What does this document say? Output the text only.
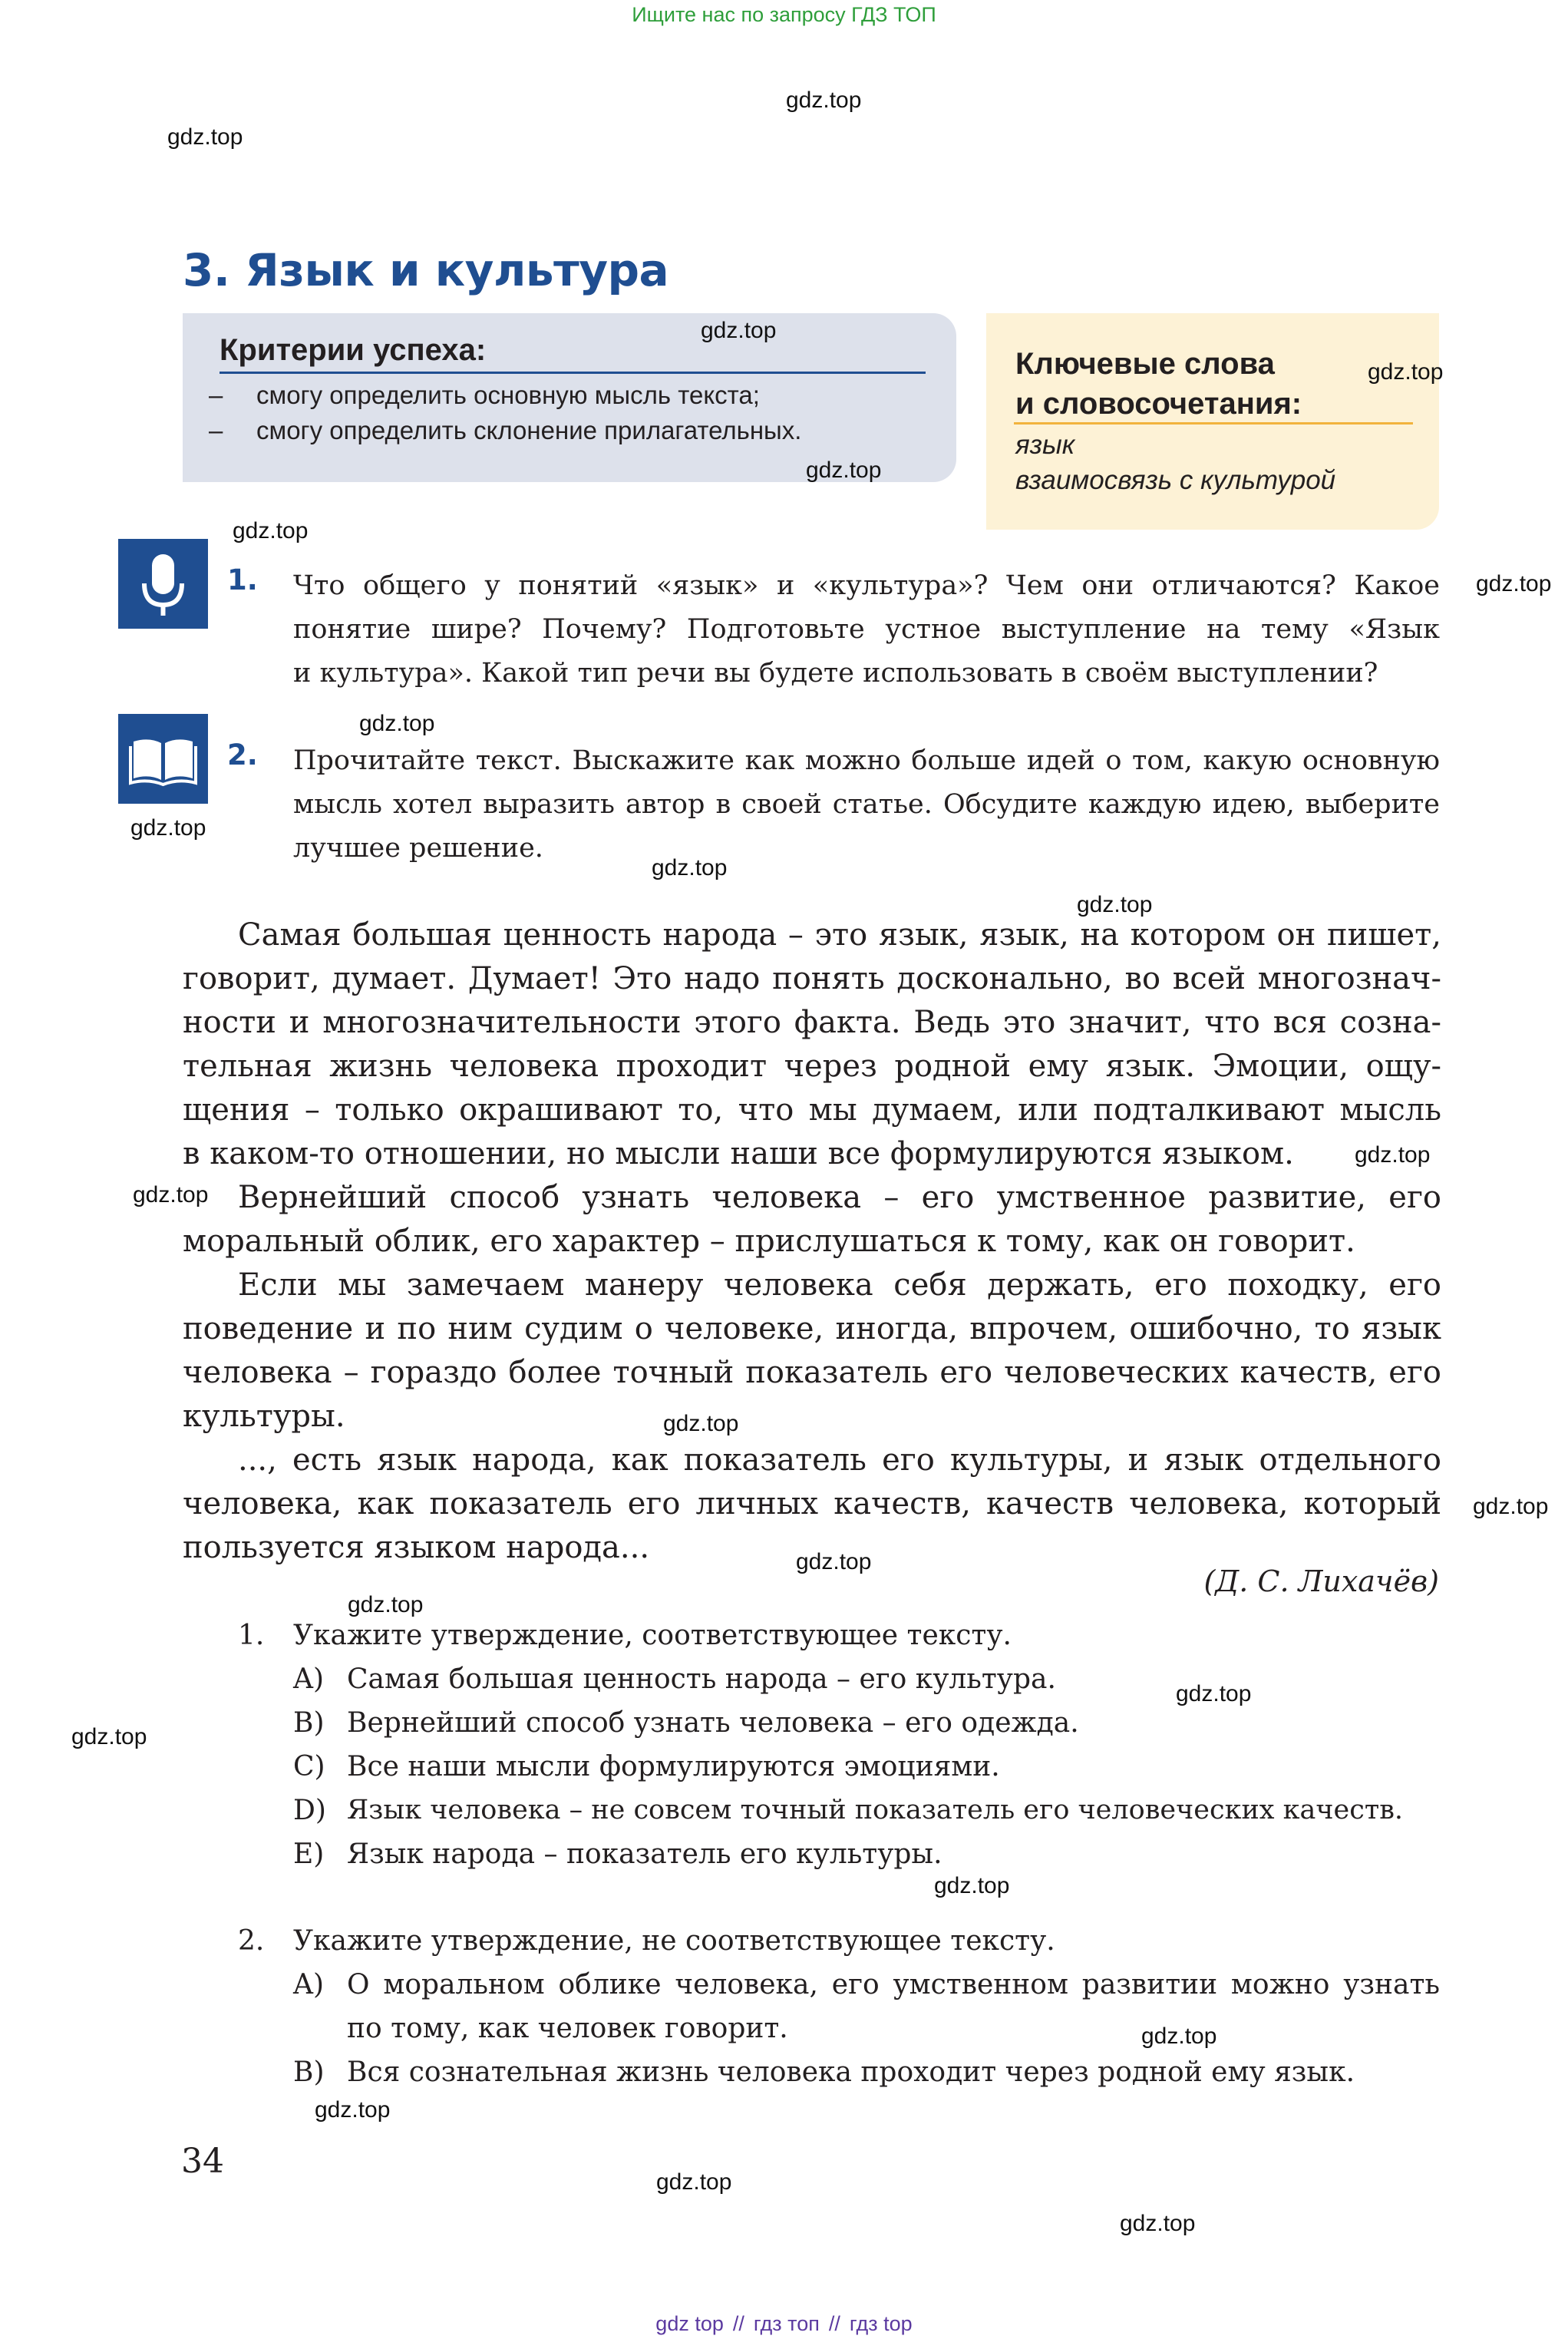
Ищите нас по запросу ГДЗ ТОП
3. Язык и культура
Критерии успеха:
– смогу определить основную мысль текста;
– смогу определить склонение прилагательных.
Ключевые слова
и словосочетания:
язык
взаимосвязь с культурой
1. Что общего у понятий «язык» и «культура»? Чем они отличаются? Какое
понятие шире? Почему? Подготовьте устное выступление на тему «Язык
и культура». Какой тип речи вы будете использовать в своём выступлении?
2. Прочитайте текст. Выскажите как можно больше идей о том, какую основную
мысль хотел выразить автор в своей статье. Обсудите каждую идею, выберите
лучшее решение.
Самая большая ценность народа – это язык, язык, на котором он пишет,
говорит, думает. Думает! Это надо понять досконально, во всей многознач-
ности и многозначительности этого факта. Ведь это значит, что вся созна-
тельная жизнь человека проходит через родной ему язык. Эмоции, ощу-
щения – только окрашивают то, что мы думаем, или подталкивают мысль
в каком-то отношении, но мысли наши все формулируются языком.
Вернейший способ узнать человека – его умственное развитие, его
моральный облик, его характер – прислушаться к тому, как он говорит.
Если мы замечаем манеру человека себя держать, его походку, его
поведение и по ним судим о человеке, иногда, впрочем, ошибочно, то язык
человека – гораздо более точный показатель его человеческих качеств, его
культуры.
..., есть язык народа, как показатель его культуры, и язык отдельного
человека, как показатель его личных качеств, качеств человека, который
пользуется языком народа...
(Д. С. Лихачёв)
1. Укажите утверждение, соответствующее тексту.
A) Самая большая ценность народа – его культура.
B) Вернейший способ узнать человека – его одежда.
C) Все наши мысли формулируются эмоциями.
D) Язык человека – не совсем точный показатель его человеческих качеств.
E) Язык народа – показатель его культуры.
2. Укажите утверждение, не соответствующее тексту.
A) О моральном облике человека, его умственном развитии можно узнать
по тому, как человек говорит.
B) Вся сознательная жизнь человека проходит через родной ему язык.
34
gdz.top
gdz.top
gdz.top
gdz.top
gdz.top
gdz.top
gdz.top
gdz.top
gdz.top
gdz.top
gdz.top
gdz.top
gdz.top
gdz.top
gdz.top
gdz.top
gdz.top
gdz.top
gdz.top
gdz.top
gdz.top
gdz.top
gdz.top
gdz.top
gdz top // гдз топ // гдз top
